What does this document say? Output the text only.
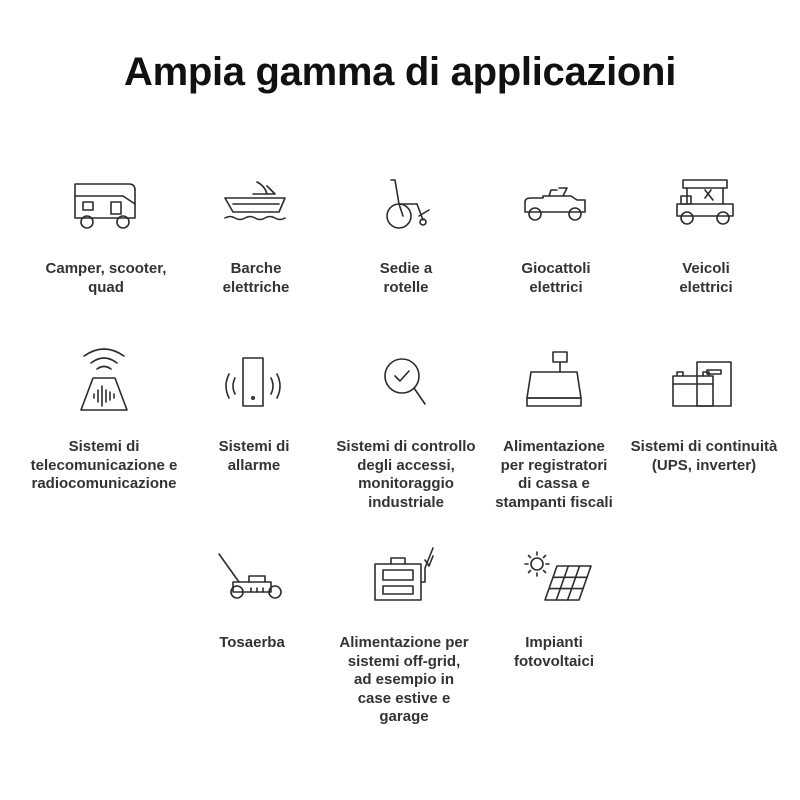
Ampia gamma di applicazioni
Camper, scooter,
quad
Barche
elettriche
Sedie a
rotelle
Giocattoli
elettrici
Veicoli
elettrici
Sistemi di
telecomunicazione e
radiocomunicazione
Sistemi di
allarme
Sistemi di controllo
degli accessi,
monitoraggio
industriale
Alimentazione
per registratori
di cassa e
stampanti fiscali
Sistemi di continuità
(UPS, inverter)
Tosaerba	Alimentazione per
sistemi off-grid,
ad esempio in
case estive e
garage
Impianti
fotovoltaici
